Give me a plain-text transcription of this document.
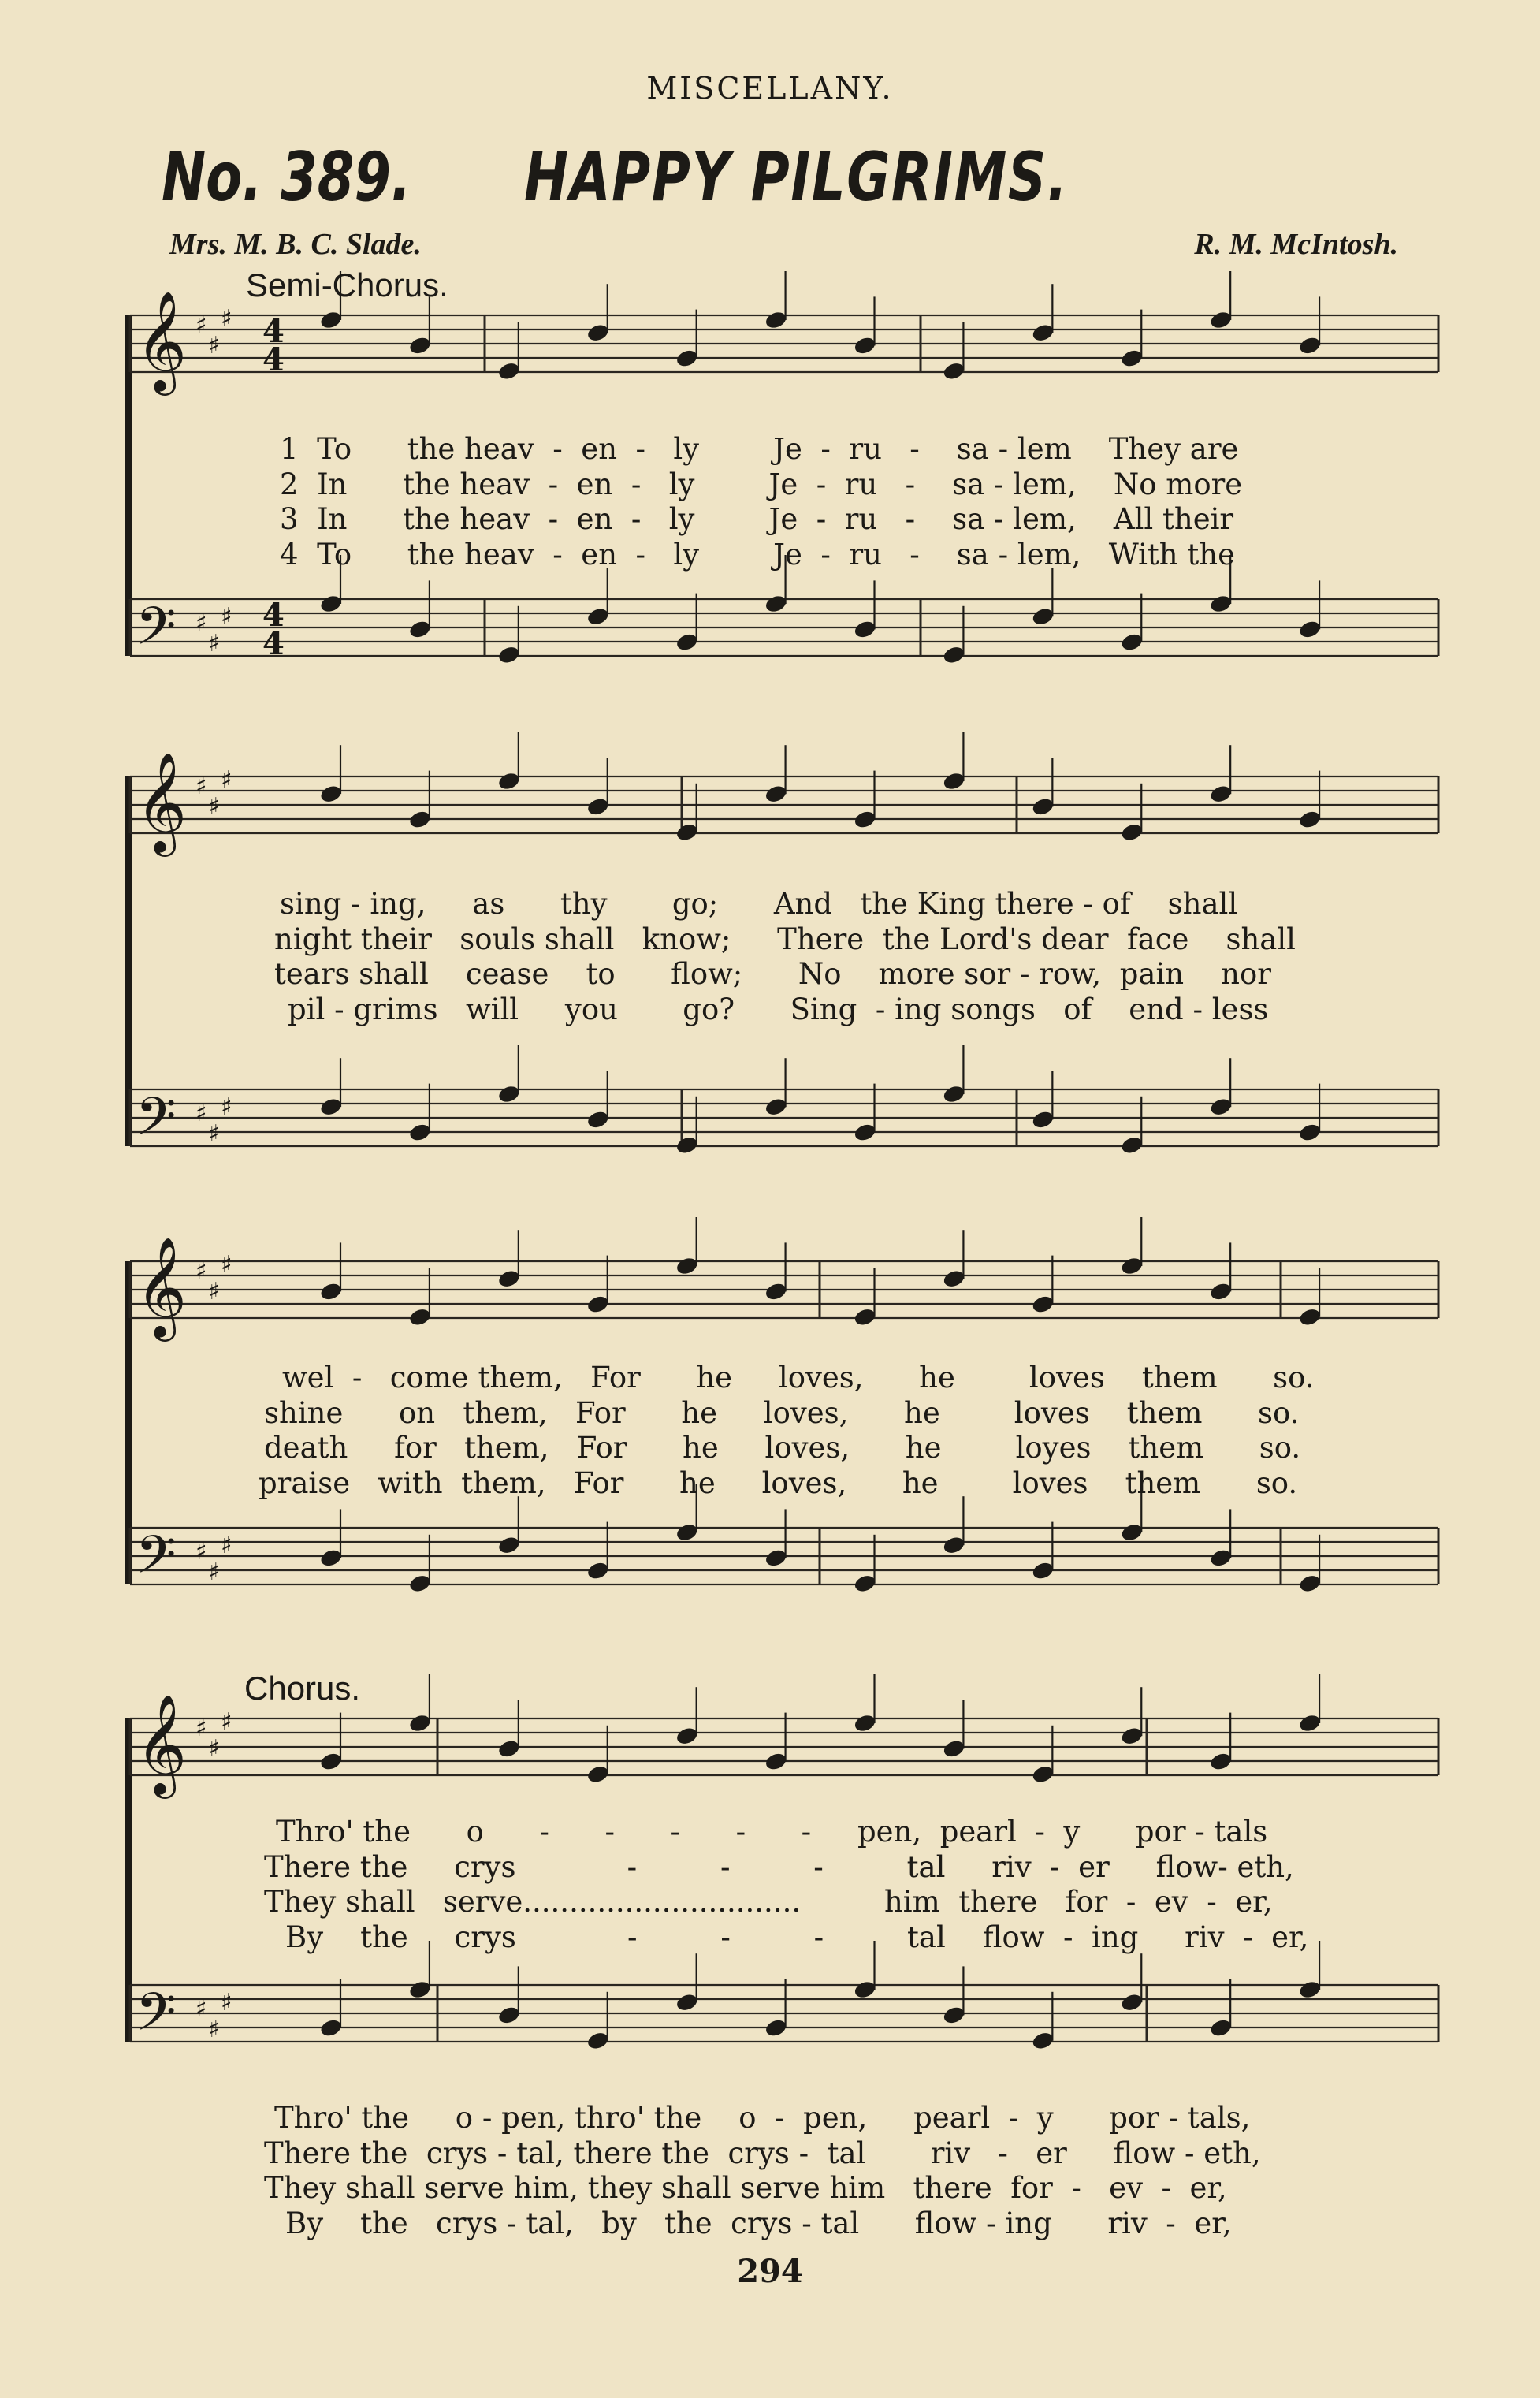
MISCELLANY.
No. 389. HAPPY PILGRIMS.
Mrs. M. B. C. Slade.	R. M. McIntosh.
Semi-Chorus.
Chorus.
𝄞 ♯
♯
♯
𝄢 ♯
♯
♯
𝄞 ♯
♯
♯
𝄢 ♯
♯
♯
𝄞 ♯
♯
♯
𝄢 ♯
♯
♯
𝄞 ♯
♯
♯
𝄢 ♯
♯
♯
4
4
4
4
1  To      the heav  -  en  -   ly        Je  -  ru   -    sa - lem    They are
2  In      the heav  -  en  -   ly        Je  -  ru   -    sa - lem,    No more
3  In      the heav  -  en  -   ly        Je  -  ru   -    sa - lem,    All their
4  To      the heav  -  en  -   ly        Je  -  ru   -    sa - lem,   With the
sing - ing,     as      thy       go;      And   the King there - of    shall
night their   souls shall   know;     There  the Lord's dear  face    shall
tears shall    cease    to      flow;      No    more sor - row,  pain    nor
pil - grims   will     you       go?      Sing  - ing songs   of    end - less
wel  -   come them,   For      he     loves,      he        loves    them      so.
shine      on   them,   For      he     loves,      he        loves    them      so.
death     for   them,   For      he     loves,      he        loyes    them      so.
praise   with  them,   For      he     loves,      he        loves    them      so.
Thro' the      o      -      -      -      -      -     pen,  pearl  -  y      por - tals
There the     crys            -         -         -         tal     riv  -  er     flow- eth,
They shall   serve..............................         him  there   for  -  ev  -  er,
By    the     crys            -         -         -         tal    flow  -  ing     riv  -  er,
Thro' the     o - pen, thro' the    o  -  pen,     pearl  -  y      por - tals,
There the  crys - tal, there the  crys -  tal       riv   -   er     flow - eth,
They shall serve him, they shall serve him   there  for  -   ev  -  er,
By    the   crys - tal,   by   the  crys - tal      flow - ing      riv  -  er,
294
